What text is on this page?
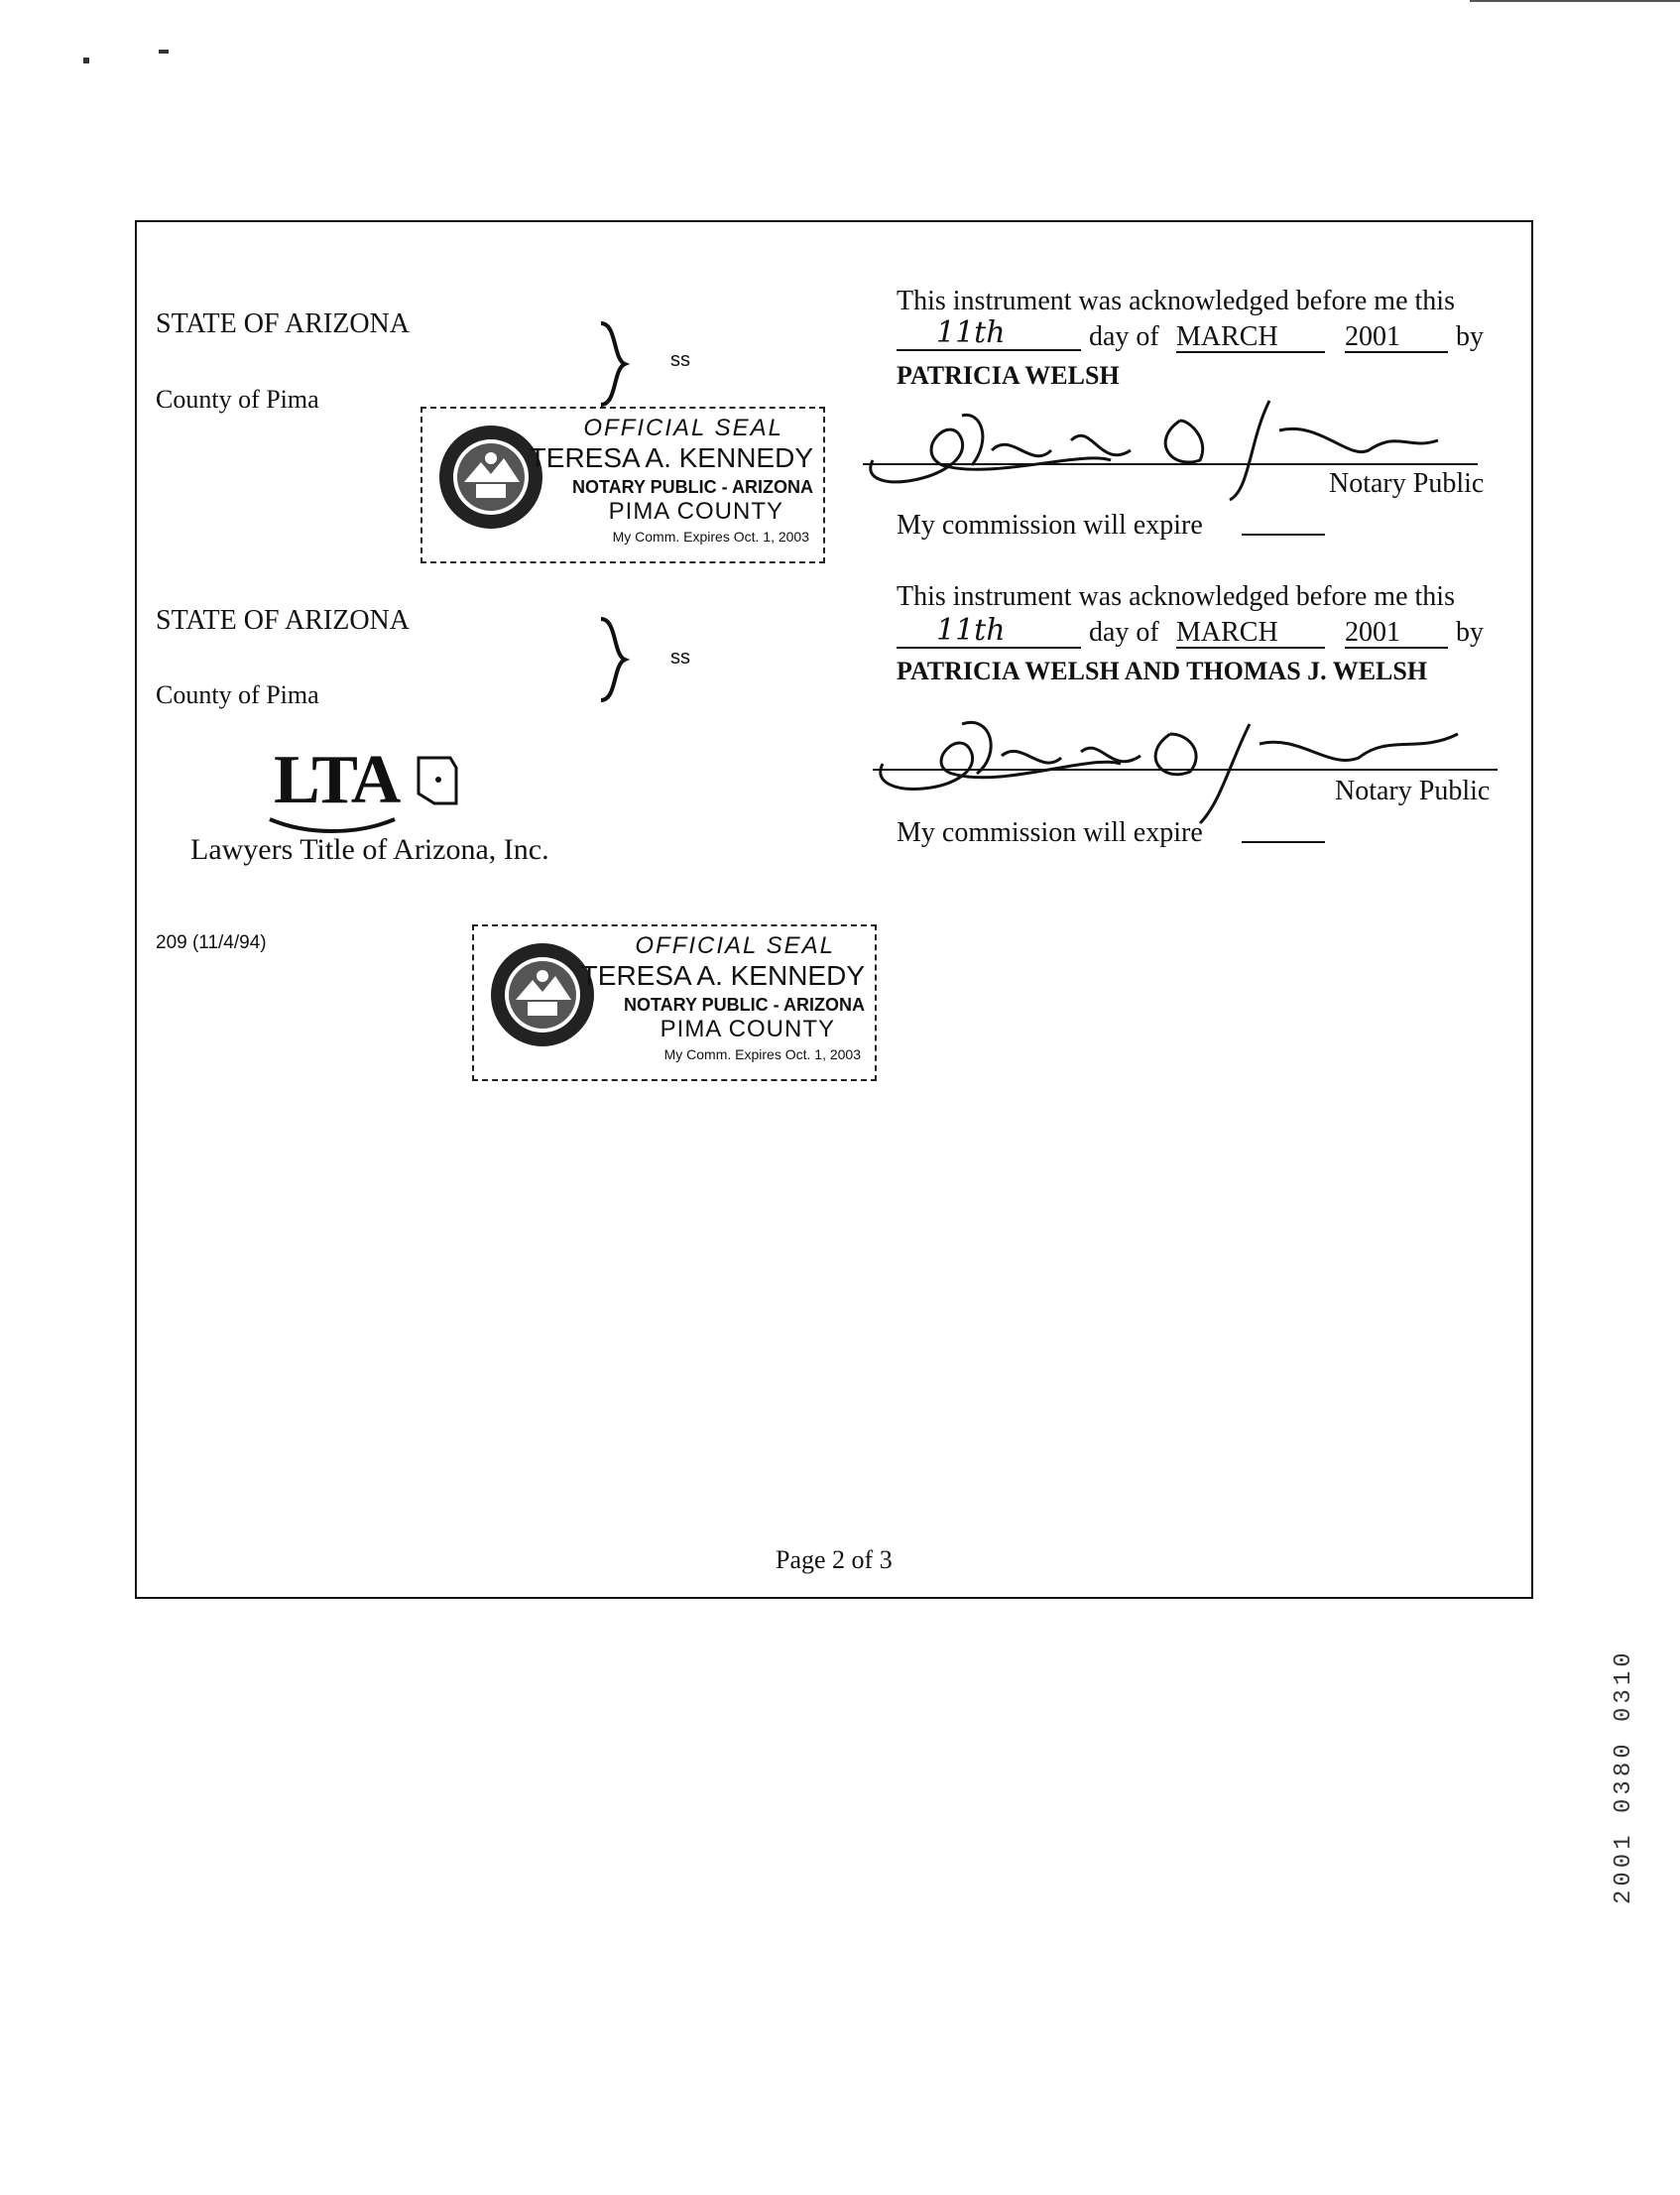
STATE OF ARIZONA
County of Pima
ss
OFFICIAL SEAL
TERESA A. KENNEDY
NOTARY PUBLIC - ARIZONA
PIMA COUNTY
My Comm. Expires Oct. 1, 2003
STATE OF ARIZONA
County of Pima
ss
LTA
Lawyers Title of Arizona, Inc.
209 (11/4/94)	OFFICIAL SEAL
TERESA A. KENNEDY
NOTARY PUBLIC - ARIZONA
PIMA COUNTY
My Comm. Expires Oct. 1, 2003
This instrument was acknowledged before me this
11th	day of MARCH	2001	by
PATRICIA WELSH
Notary Public
My commission will expire
This instrument was acknowledged before me this
11th	day of MARCH	2001	by
PATRICIA WELSH AND THOMAS J. WELSH
Notary Public
My commission will expire
Page 2 of 3
2001 0380 0310
